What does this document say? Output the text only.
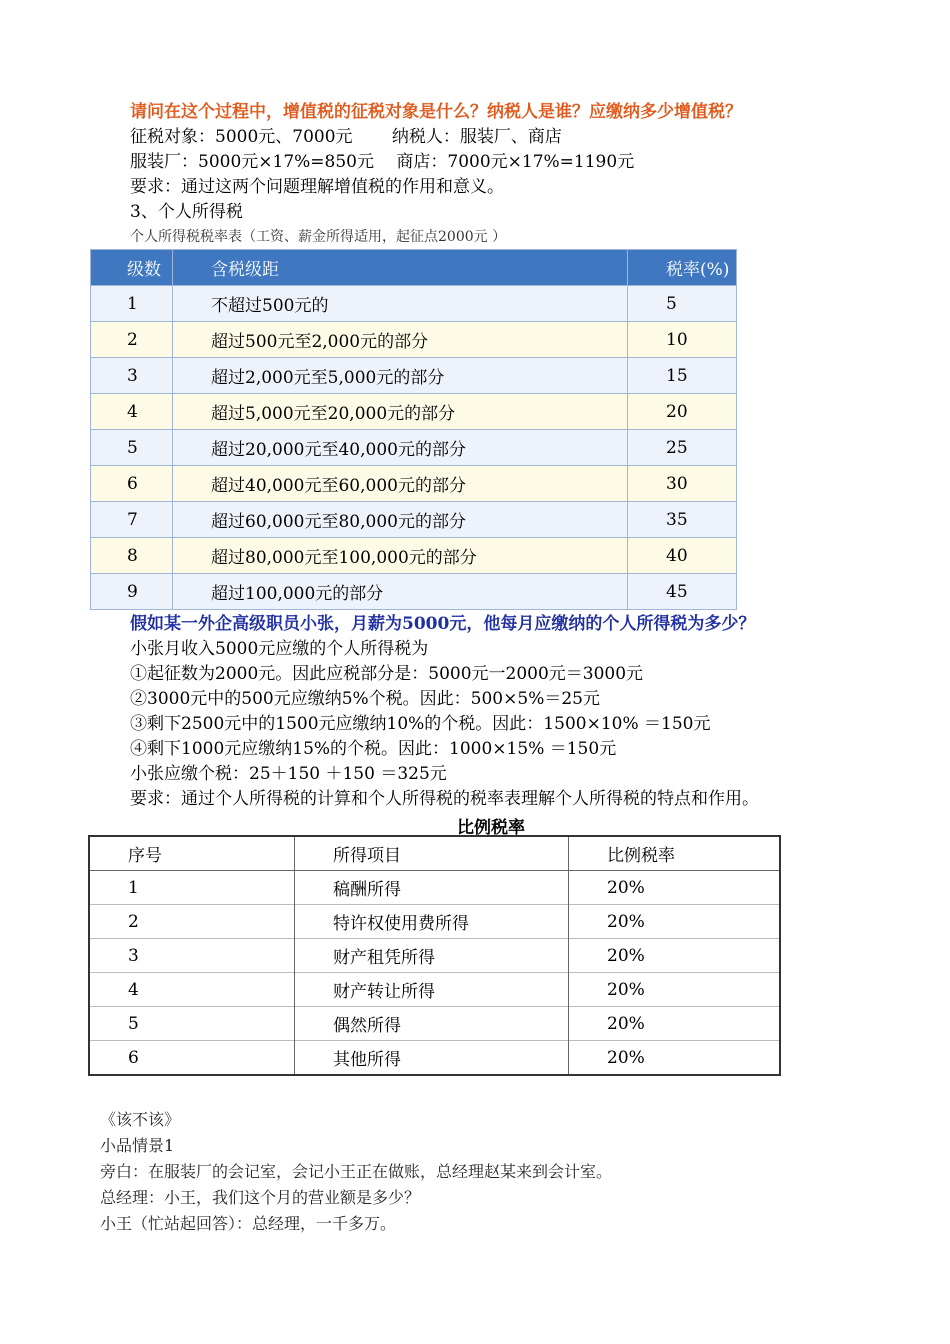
请问在这个过程中，增值税的征税对象是什么？纳税人是谁？应缴纳多少增值税？
征税对象：5000元、7000元　　 纳税人：服装厂、商店
服装厂：5000元×17%=850元　 商店：7000元×17%=1190元
要求：通过这两个问题理解增值税的作用和意义。
3、个人所得税
个人所得税税率表（工资、薪金所得适用，起征点2000元 ）
级数	含税级距	税率(%)
1	不超过500元的	5
2	超过500元至2,000元的部分	10
3	超过2,000元至5,000元的部分	15
4	超过5,000元至20,000元的部分	20
5	超过20,000元至40,000元的部分	25
6	超过40,000元至60,000元的部分	30
7	超过60,000元至80,000元的部分	35
8	超过80,000元至100,000元的部分	40
9	超过100,000元的部分	45
假如某一外企高级职员小张，月薪为5000元，他每月应缴纳的个人所得税为多少？
小张月收入5000元应缴的个人所得税为
①起征数为2000元。因此应税部分是：5000元一2000元＝3000元
②3000元中的500元应缴纳5%个税。因此：500×5%＝25元
③剩下2500元中的1500元应缴纳10%的个税。因此：1500×10% ＝150元
④剩下1000元应缴纳15%的个税。因此：1000×15% ＝150元
小张应缴个税：25＋150 ＋150 ＝325元
要求：通过个人所得税的计算和个人所得税的税率表理解个人所得税的特点和作用。
比例税率
序号	所得项目	比例税率
1	稿酬所得	20%
2	特许权使用费所得	20%
3	财产租凭所得	20%
4	财产转让所得	20%
5	偶然所得	20%
6	其他所得	20%
《该不该》
小品情景1
旁白：在服装厂的会记室，会记小王正在做账，总经理赵某来到会计室。
总经理：小王，我们这个月的营业额是多少？
小王（忙站起回答）：总经理，一千多万。
